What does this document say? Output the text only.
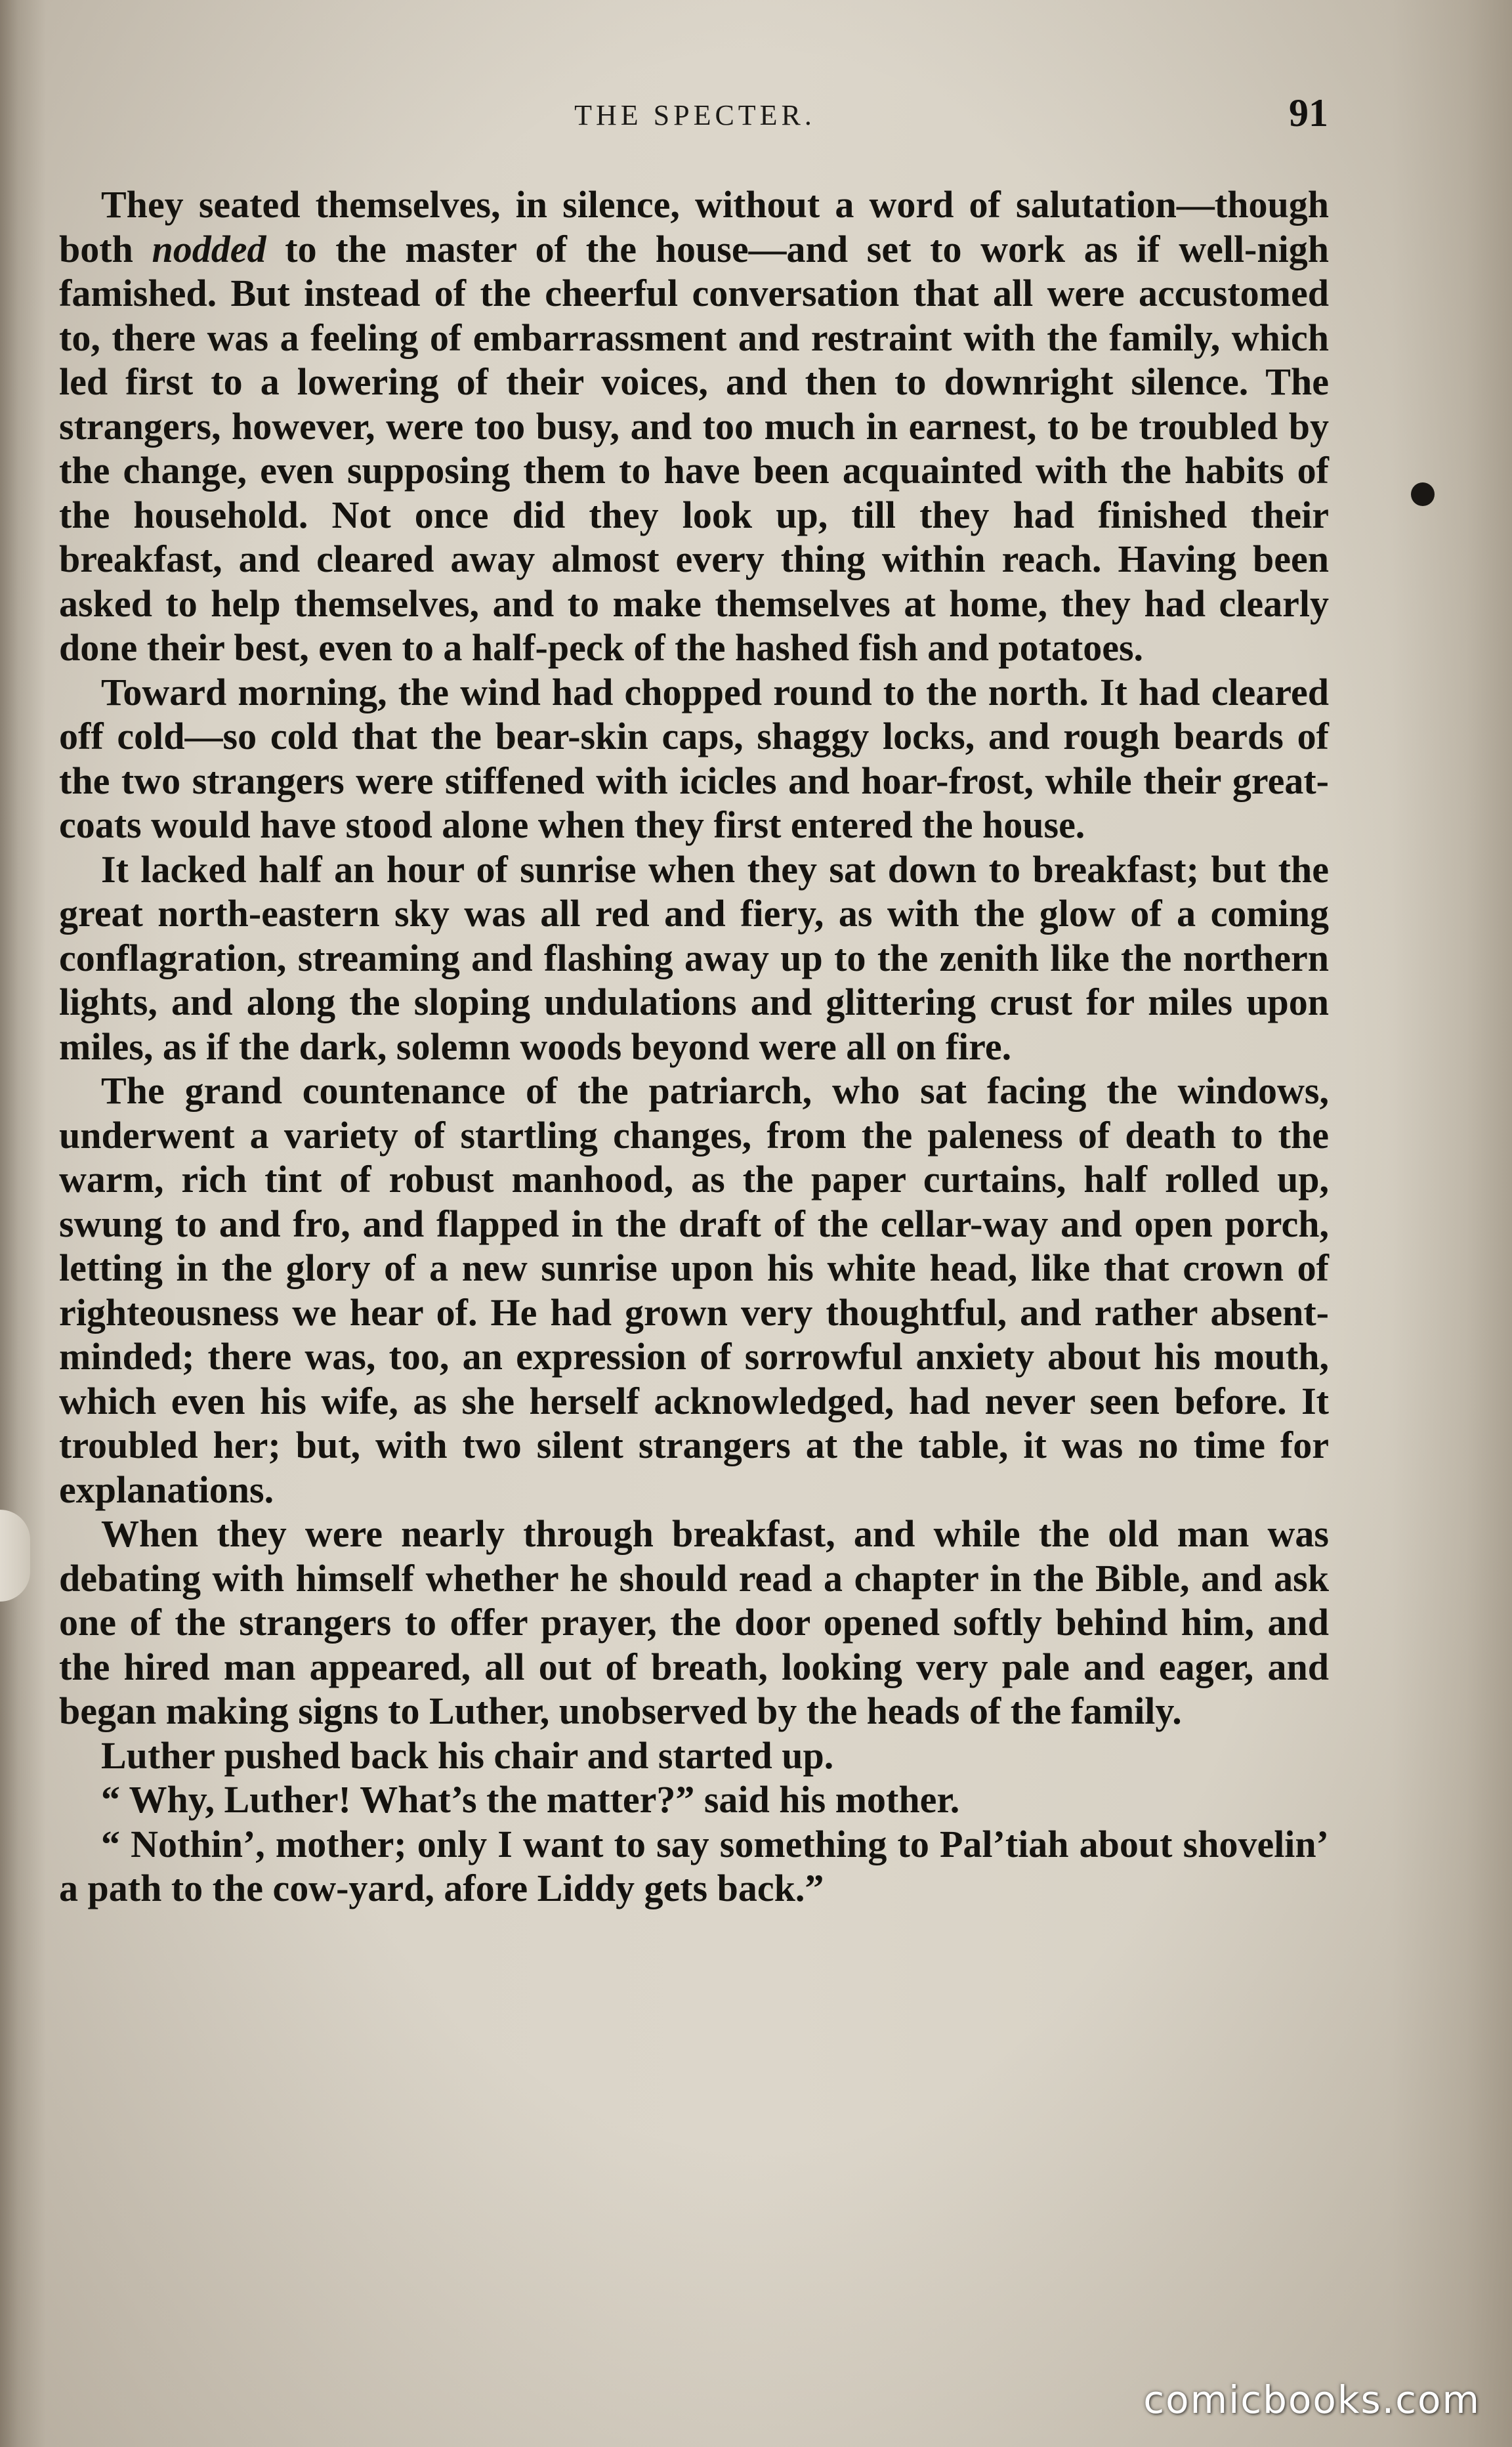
THE SPECTER.	91

They seated themselves, in silence, without a word of salutation—though both nodded to the master of the house—and set to work as if well-nigh famished. But instead of the cheerful conversation that all were accustomed to, there was a feeling of embarrassment and restraint with the family, which led first to a lowering of their voices, and then to downright silence. The strangers, however, were too busy, and too much in earnest, to be troubled by the change, even supposing them to have been acquainted with the habits of the household. Not once did they look up, till they had finished their breakfast, and cleared away almost every thing within reach. Having been asked to help themselves, and to make themselves at home, they had clearly done their best, even to a half-peck of the hashed fish and potatoes.

Toward morning, the wind had chopped round to the north. It had cleared off cold—so cold that the bear-skin caps, shaggy locks, and rough beards of the two strangers were stiffened with icicles and hoar-frost, while their great-coats would have stood alone when they first entered the house.

It lacked half an hour of sunrise when they sat down to breakfast; but the great north-eastern sky was all red and fiery, as with the glow of a coming conflagration, streaming and flashing away up to the zenith like the northern lights, and along the sloping undulations and glittering crust for miles upon miles, as if the dark, solemn woods beyond were all on fire.

The grand countenance of the patriarch, who sat facing the windows, underwent a variety of startling changes, from the paleness of death to the warm, rich tint of robust manhood, as the paper curtains, half rolled up, swung to and fro, and flapped in the draft of the cellar-way and open porch, letting in the glory of a new sunrise upon his white head, like that crown of righteousness we hear of. He had grown very thoughtful, and rather absent-minded; there was, too, an expression of sorrowful anxiety about his mouth, which even his wife, as she herself acknowledged, had never seen before. It troubled her; but, with two silent strangers at the table, it was no time for explanations.

When they were nearly through breakfast, and while the old man was debating with himself whether he should read a chapter in the Bible, and ask one of the strangers to offer prayer, the door opened softly behind him, and the hired man appeared, all out of breath, looking very pale and eager, and began making signs to Luther, unobserved by the heads of the family.

Luther pushed back his chair and started up.

“ Why, Luther! What’s the matter?” said his mother.

“ Nothin’, mother; only I want to say something to Pal’tiah about shovelin’ a path to the cow-yard, afore Liddy gets back.”

comicbooks.com
